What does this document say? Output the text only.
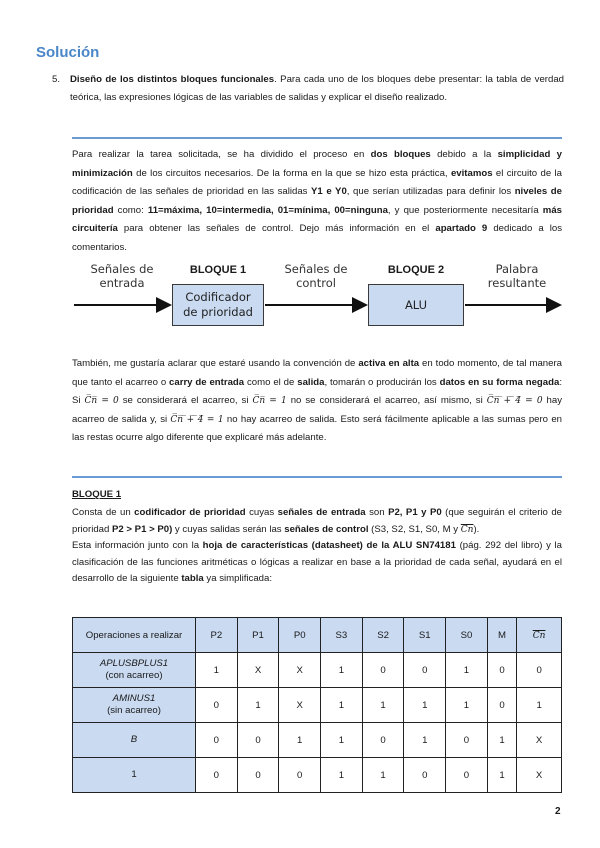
Solución
5. Diseño de los distintos bloques funcionales. Para cada uno de los bloques debe presentar: la tabla de verdad teórica, las expresiones lógicas de las variables de salidas y explicar el diseño realizado.
Para realizar la tarea solicitada, se ha dividido el proceso en dos bloques debido a la simplicidad y minimización de los circuitos necesarios. De la forma en la que se hizo esta práctica, evitamos el circuito de la codificación de las señales de prioridad en las salidas Y1 e Y0, que serían utilizadas para definir los niveles de prioridad como: 11=máxima, 10=intermedia, 01=mínima, 00=ninguna, y que posteriormente necesitaría más circuitería para obtener las señales de control. Dejo más información en el apartado 9 dedicado a los comentarios.
Señales de
entrada
BLOQUE 1
Codificador
de prioridad
Señales de
control
BLOQUE 2
ALU
Palabra
resultante
También, me gustaría aclarar que estaré usando la convención de activa en alta en todo momento, de tal manera que tanto el acarreo o carry de entrada como el de salida, tomarán o producirán los datos en su forma negada: Si C̅n̅ = 0 se considerará el acarreo, si C̅n̅ = 1 no se considerará el acarreo, así mismo, si C̅n̅ ̅+̅ ̅4̅ = 0 hay acarreo de salida y, si C̅n̅ ̅+̅ ̅4̅ = 1 no hay acarreo de salida. Esto será fácilmente aplicable a las sumas pero en las restas ocurre algo diferente que explicaré más adelante.
BLOQUE 1
Consta de un codificador de prioridad cuyas señales de entrada son P2, P1 y P0 (que seguirán el criterio de prioridad P2 > P1 > P0) y cuyas salidas serán las señales de control (S3, S2, S1, S0, M y $\overline{Cn}$).
Esta información junto con la hoja de características (datasheet) de la ALU SN74181 (pág. 292 del libro) y la clasificación de las funciones aritméticas o lógicas a realizar en base a la prioridad de cada señal, ayudará en el desarrollo de la siguiente tabla ya simplificada:
Operaciones a realizar	P2	P1	P0	S3	S2	S1	S0	M	$\overline{Cn}$

APLUSBPLUS1
(con acarreo)	1	X	X	1	0	0	1	0	0

AMINUS1
(sin acarreo)	0	1	X	1	1	1	1	0	1

B	0	0	1	1	0	1	0	1	X

1	0	0	0	1	1	0	0	1	X
2
